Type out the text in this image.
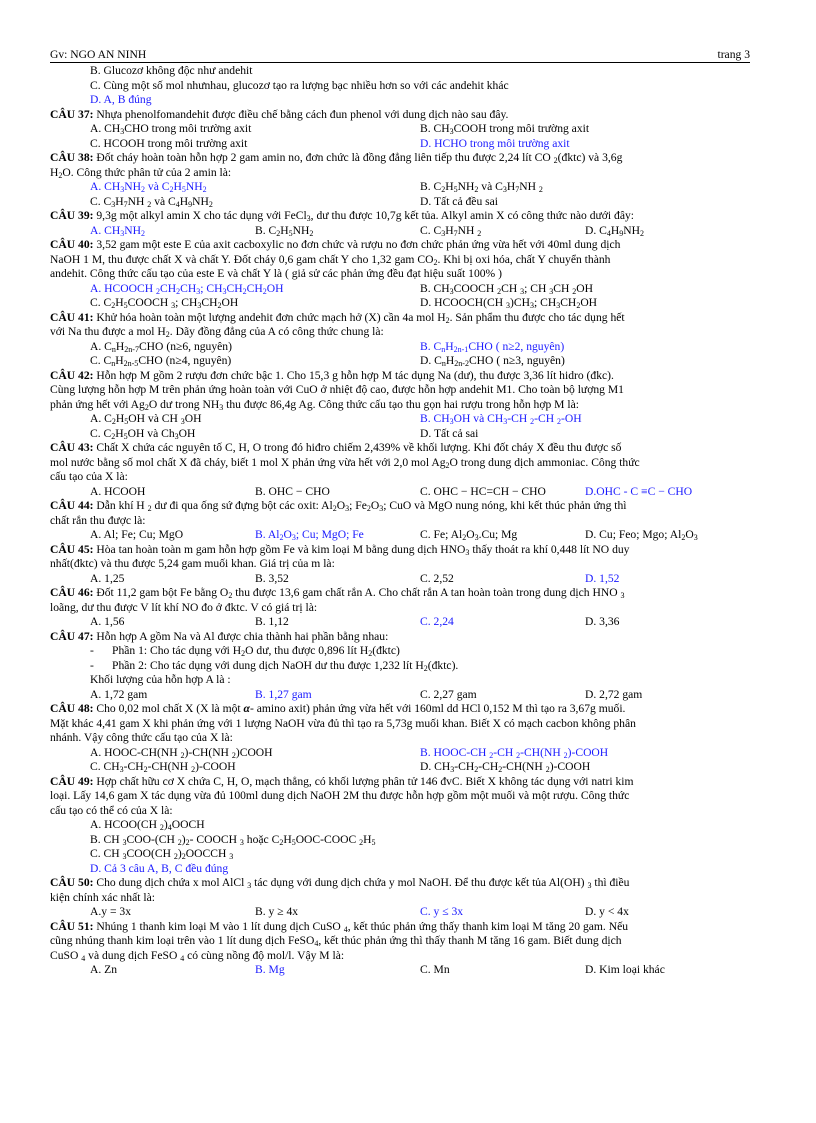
Gv: NGO AN NINH	trang 3
B. Glucozơ không độc như andehit
C. Cùng một số mol nhưnhau, glucozơ tạo ra lượng bạc nhiều hơn so với các andehit khác
D. A, B đúng
CÂU 37: Nhựa phenolfomandehit được điều chế bằng cách đun phenol với dung dịch nào sau đây.
A. $CH_3CHO$ trong môi trường axit	B. $CH_3COOH$ trong môi trường axit
C. HCOOH trong môi trường axit	D. HCHO trong môi trường axit
CÂU 38: Đốt cháy hoàn toàn hỗn hợp 2 gam amin no, đơn chức là đồng đẳng liên tiếp thu được 2,24 lít CO $_2$(đktc) và 3,6g
$H_2O$. Công thức phân tử của 2 amin là:
A. $CH_3NH_2$ và $C_2H_5NH_2$	B. $C_2H_5NH_2$ và $C_3H_7NH$ $_2$
C. $C_3H_7NH$ $_2$ và $C_4H_9NH_2$	D. Tất cả đều sai
CÂU 39: 9,3g một alkyl amin X cho tác dụng với FeCl$_3$, dư thu được 10,7g kết tủa. Alkyl amin X có công thức nào dưới đây:
A. $CH_3NH_2$	B. $C_2H_5NH_2$	C. $C_3H_7NH$ $_2$	D. $C_4H_9NH_2$
CÂU 40: 3,52 gam một este E của axit cacboxylic no đơn chức và rượu no đơn chức phản ứng vừa hết với 40ml dung dịch
NaOH 1 M, thu được chất X và chất Y. Đốt cháy 0,6 gam chất Y cho 1,32 gam $CO_2$. Khi bị oxi hóa, chất Y chuyển thành
andehit. Công thức cấu tạo của este E và chất Y là ( giả sử các phản ứng đều đạt hiệu suất 100% )
A. HCOOCH $_2CH_2CH_3$; $CH_3CH_2CH_2OH$	B. $CH_3COOCH$ $_2$CH $_3$; CH $_3$CH $_2$OH
C. $C_2H_5COOCH$ $_3$; $CH_3CH_2OH$	D. HCOOCH(CH $_3)CH_3$; $CH_3CH_2OH$
CÂU 41: Khử hóa hoàn toàn một lượng andehit đơn chức mạch hở (X) cần 4a mol $H_2$. Sản phẩm thu được cho tác dụng hết
với Na thu được a mol $H_2$. Dãy đồng đẳng của A có công thức chung là:
A. $C_nH_{2n-7}CHO$ (n≥6, nguyên)	B. $C_nH_{2n-1}CHO$ ( n≥2, nguyên)
C. $C_nH_{2n-5}CHO$ (n≥4, nguyên)	D. $C_nH_{2n-2}CHO$ ( n≥3, nguyên)
CÂU 42: Hỗn hợp M gồm 2 rượu đơn chức bậc 1. Cho 15,3 g hỗn hợp M tác dụng Na (dư), thu được 3,36 lít hidro (đkc).
Cùng lượng hỗn hợp M trên phản ứng hoàn toàn với CuO ở nhiệt độ cao, được hỗn hợp andehit M1. Cho toàn bộ lượng M1
phản ứng hết với $Ag_2O$ dư trong $NH_3$ thu được 86,4g Ag. Công thức cấu tạo thu gọn hai rượu trong hỗn hợp M là:
A. $C_2H_5OH$ và CH $_3$OH	B. $CH_3OH$ và $CH_3-CH$ $_2$-CH $_2$-OH
C. $C_2H_5OH$ và $Ch_3OH$	D. Tất cả sai
CÂU 43: Chất X chứa các nguyên tố C, H, O trong đó hiđro chiếm 2,439% về khối lượng. Khi đốt cháy X đều thu được số
mol nước bằng số mol chất X đã cháy, biết 1 mol X phản ứng vừa hết với 2,0 mol $Ag_2O$ trong dung dịch ammoniac. Công thức
cấu tạo của X là:
A. HCOOH	B. OHC − CHO	C. OHC − HC=CH − CHO	D.OHC - C ≡C − CHO
CÂU 44: Dẫn khí H $_2$ dư đi qua ống sứ đựng bột các oxit: $Al_2O_3$; $Fe_2O_3$; CuO và MgO nung nóng, khi kết thúc phản ứng thì
chất rắn thu được là:
A. Al; Fe; Cu; MgO	B. $Al_2O_3$; Cu; MgO; Fe	C. Fe; $Al_2O_3.Cu$; Mg	D. Cu; Feo; Mgo; $Al_2O_3$
CÂU 45: Hòa tan hoàn toàn m gam hỗn hợp gồm Fe và kim loại M bằng dung dịch $HNO_3$ thấy thoát ra khí 0,448 lít NO duy
nhất(đktc) và thu được 5,24 gam muối khan. Giá trị của m là:
A. 1,25	B. 3,52	C. 2,52	D. 1,52
CÂU 46: Đốt 11,2 gam bột Fe bằng $O_2$ thu được 13,6 gam chất rắn A. Cho chất rắn A tan hoàn toàn trong dung dịch HNO $_3$
loãng, dư thu được V lít khí NO đo ở đktc. V có giá trị là:
A. 1,56	B. 1,12	C. 2,24	D. 3,36
CÂU 47: Hỗn hợp A gồm Na và Al được chia thành hai phần bằng nhau:
- Phần 1: Cho tác dụng với $H_2O$ dư, thu được 0,896 lít $H_2(đktc)$
- Phần 2: Cho tác dụng với dung dịch NaOH dư thu được 1,232 lít $H_2(đktc)$.
Khối lượng của hỗn hợp A là :
A. 1,72 gam	B. 1,27 gam	C. 2,27 gam	D. 2,72 gam
CÂU 48: Cho 0,02 mol chất X (X là một α- amino axit) phản ứng vừa hết với 160ml dd HCl 0,152 M thì tạo ra 3,67g muối.
Mặt khác 4,41 gam X khi phản ứng với 1 lượng NaOH vừa đủ thì tạo ra 5,73g muối khan. Biết X có mạch cacbon không phân
nhánh. Vậy công thức cấu tạo của X là:
A. HOOC-CH(NH $_2$)-CH(NH $_2$)COOH	B. HOOC-CH $_2$-CH $_2$-CH(NH $_2$)-COOH
C. $CH_3-CH_2-CH(NH$ $_2$)-COOH	D. $CH_3-CH_2-CH_2-CH(NH$ $_2$)-COOH
CÂU 49: Hợp chất hữu cơ X chứa C, H, O, mạch thẳng, có khối lượng phân tử 146 đvC. Biết X không tác dụng với natri kim
loại. Lấy 14,6 gam X tác dụng vừa đủ 100ml dung dịch NaOH 2M thu được hỗn hợp gồm một muối và một rượu. Công thức
cấu tạo có thể có của X là:
A. HCOO(CH $_2)_4OOCH$
B. CH $_3$COO-(CH $_2)_2-$ COOCH $_3$ hoặc $C_2H_5OOC$-COOC $_2H_5$
C. CH $_3$COO(CH $_2)_2OOCCH$ $_3$
D. Cả 3 câu A, B, C đều đúng
CÂU 50: Cho dung dịch chứa x mol AlCl $_3$ tác dụng với dung dịch chứa y mol NaOH. Để thu được kết tủa Al(OH) $_3$ thì điều
kiện chính xác nhất là:
A.y = 3x	B. y ≥ 4x	C. y ≤ 3x	D. y < 4x
CÂU 51: Nhúng 1 thanh kim loại M vào 1 lít dung dịch CuSO $_4$, kết thúc phản ứng thấy thanh kim loại M tăng 20 gam. Nếu
cũng nhúng thanh kim loại trên vào 1 lít dung dịch FeSO$_4$, kết thúc phản ứng thì thấy thanh M tăng 16 gam. Biết dung dịch
CuSO $_4$ và dung dịch FeSO $_4$ có cùng nồng độ mol/l. Vậy M là:
A. Zn	B. Mg	C. Mn	D. Kim loại khác
